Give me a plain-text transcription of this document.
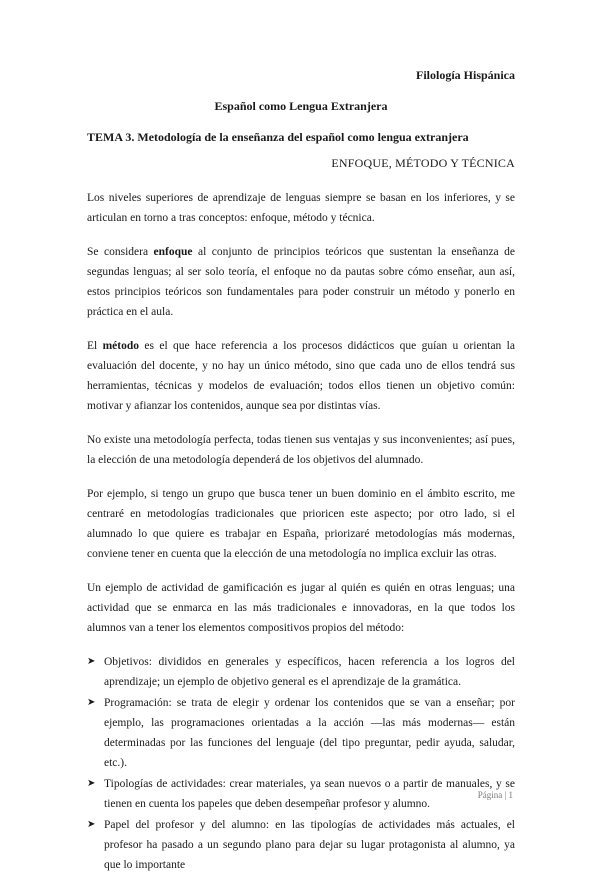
Filología Hispánica

Español como Lengua Extranjera

TEMA 3. Metodología de la enseñanza del español como lengua extranjera

ENFOQUE, MÉTODO Y TÉCNICA

Los niveles superiores de aprendizaje de lenguas siempre se basan en los inferiores, y se articulan en torno a tras conceptos: enfoque, método y técnica.

Se considera enfoque al conjunto de principios teóricos que sustentan la enseñanza de segundas lenguas; al ser solo teoría, el enfoque no da pautas sobre cómo enseñar, aun así, estos principios teóricos son fundamentales para poder construir un método y ponerlo en práctica en el aula.

El método es el que hace referencia a los procesos didácticos que guían u orientan la evaluación del docente, y no hay un único método, sino que cada uno de ellos tendrá sus herramientas, técnicas y modelos de evaluación; todos ellos tienen un objetivo común: motivar y afianzar los contenidos, aunque sea por distintas vías.

No existe una metodología perfecta, todas tienen sus ventajas y sus inconvenientes; así pues, la elección de una metodología dependerá de los objetivos del alumnado.

Por ejemplo, si tengo un grupo que busca tener un buen dominio en el ámbito escrito, me centraré en metodologías tradicionales que prioricen este aspecto; por otro lado, si el alumnado lo que quiere es trabajar en España, priorizaré metodologías más modernas, conviene tener en cuenta que la elección de una metodología no implica excluir las otras.

Un ejemplo de actividad de gamificación es jugar al quién es quién en otras lenguas; una actividad que se enmarca en las más tradicionales e innovadoras, en la que todos los alumnos van a tener los elementos compositivos propios del método:

➤ Objetivos: divididos en generales y específicos, hacen referencia a los logros del aprendizaje; un ejemplo de objetivo general es el aprendizaje de la gramática.
➤ Programación: se trata de elegir y ordenar los contenidos que se van a enseñar; por ejemplo, las programaciones orientadas a la acción —las más modernas— están determinadas por las funciones del lenguaje (del tipo preguntar, pedir ayuda, saludar, etc.).
➤ Tipologías de actividades: crear materiales, ya sean nuevos o a partir de manuales, y se tienen en cuenta los papeles que deben desempeñar profesor y alumno.
➤ Papel del profesor y del alumno: en las tipologías de actividades más actuales, el profesor ha pasado a un segundo plano para dejar su lugar protagonista al alumno, ya que lo importante
Página | 1
